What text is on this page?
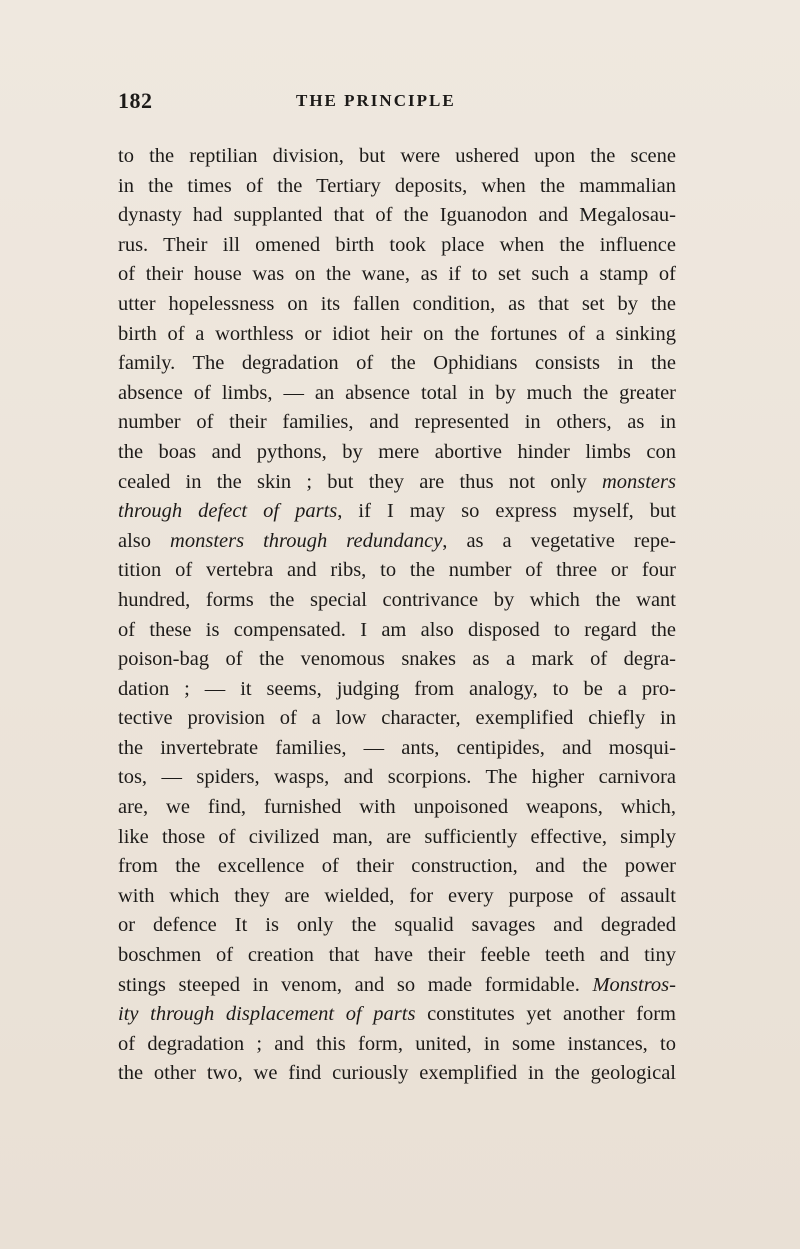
182	THE PRINCIPLE
to the reptilian division, but were ushered upon the scene
in the times of the Tertiary deposits, when the mammalian
dynasty had supplanted that of the Iguanodon and Megalosau-
rus. Their ill omened birth took place when the influence
of their house was on the wane, as if to set such a stamp of
utter hopelessness on its fallen condition, as that set by the
birth of a worthless or idiot heir on the fortunes of a sinking
family. The degradation of the Ophidians consists in the
absence of limbs, — an absence total in by much the greater
number of their families, and represented in others, as in
the boas and pythons, by mere abortive hinder limbs con
cealed in the skin ; but they are thus not only monsters
through defect of parts, if I may so express myself, but
also monsters through redundancy, as a vegetative repe-
tition of vertebra and ribs, to the number of three or four
hundred, forms the special contrivance by which the want
of these is compensated. I am also disposed to regard the
poison-bag of the venomous snakes as a mark of degra-
dation ; — it seems, judging from analogy, to be a pro-
tective provision of a low character, exemplified chiefly in
the invertebrate families, — ants, centipides, and mosqui-
tos, — spiders, wasps, and scorpions. The higher carnivora
are, we find, furnished with unpoisoned weapons, which,
like those of civilized man, are sufficiently effective, simply
from the excellence of their construction, and the power
with which they are wielded, for every purpose of assault
or defence It is only the squalid savages and degraded
boschmen of creation that have their feeble teeth and tiny
stings steeped in venom, and so made formidable. Monstros-
ity through displacement of parts constitutes yet another form
of degradation ; and this form, united, in some instances, to
the other two, we find curiously exemplified in the geological
